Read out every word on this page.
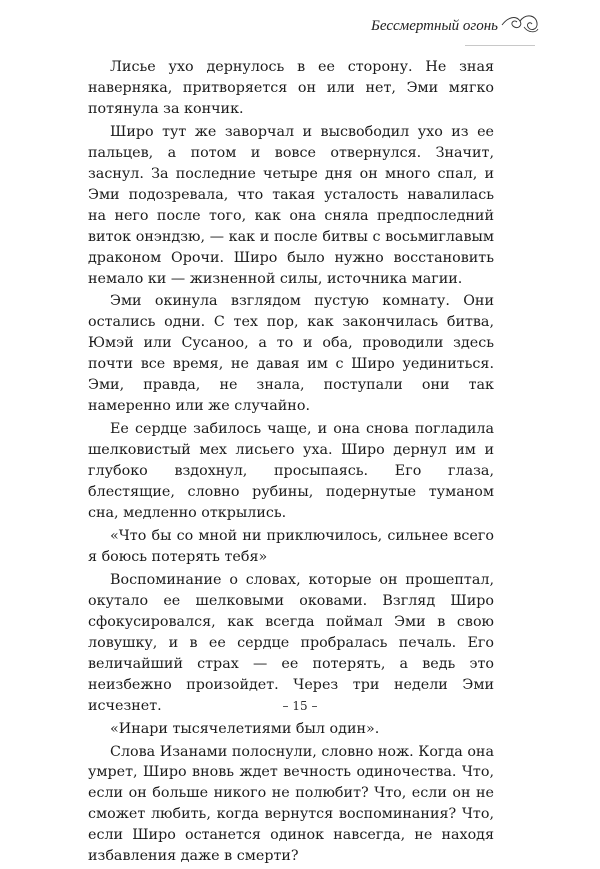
Бессмертный огонь

Лисье ухо дернулось в ее сторону. Не зная наверняка, притворяется он или нет, Эми мягко потянула за кончик.

Широ тут же заворчал и высвободил ухо из ее пальцев, а потом и вовсе отвернулся. Значит, заснул. За последние четыре дня он много спал, и Эми подозревала, что такая усталость навалилась на него после того, как она сняла предпоследний виток онэндзю, — как и после битвы с восьмиглавым драконом Орочи. Широ было нужно восстановить немало ки — жизненной силы, источника магии.

Эми окинула взглядом пустую комнату. Они остались одни. С тех пор, как закончилась битва, Юмэй или Сусаноо, а то и оба, проводили здесь почти все время, не давая им с Широ уединиться. Эми, правда, не знала, поступали они так намеренно или же случайно.

Ее сердце забилось чаще, и она снова погладила шелковистый мех лисьего уха. Широ дернул им и глубоко вздохнул, просыпаясь. Его глаза, блестящие, словно рубины, подернутые туманом сна, медленно открылись.

«Что бы со мной ни приключилось, сильнее всего я боюсь потерять тебя»

Воспоминание о словах, которые он прошептал, окутало ее шелковыми оковами. Взгляд Широ сфокусировался, как всегда поймал Эми в свою ловушку, и в ее сердце пробралась печаль. Его величайший страх — ее потерять, а ведь это неизбежно произойдет. Через три недели Эми исчезнет.

«Инари тысячелетиями был один».

Слова Изанами полоснули, словно нож. Когда она умрет, Широ вновь ждет вечность одиночества. Что, если он больше никого не полюбит? Что, если он не сможет любить, когда вернутся воспоминания? Что, если Широ останется одинок навсегда, не находя избавления даже в смерти?

– 15 –
